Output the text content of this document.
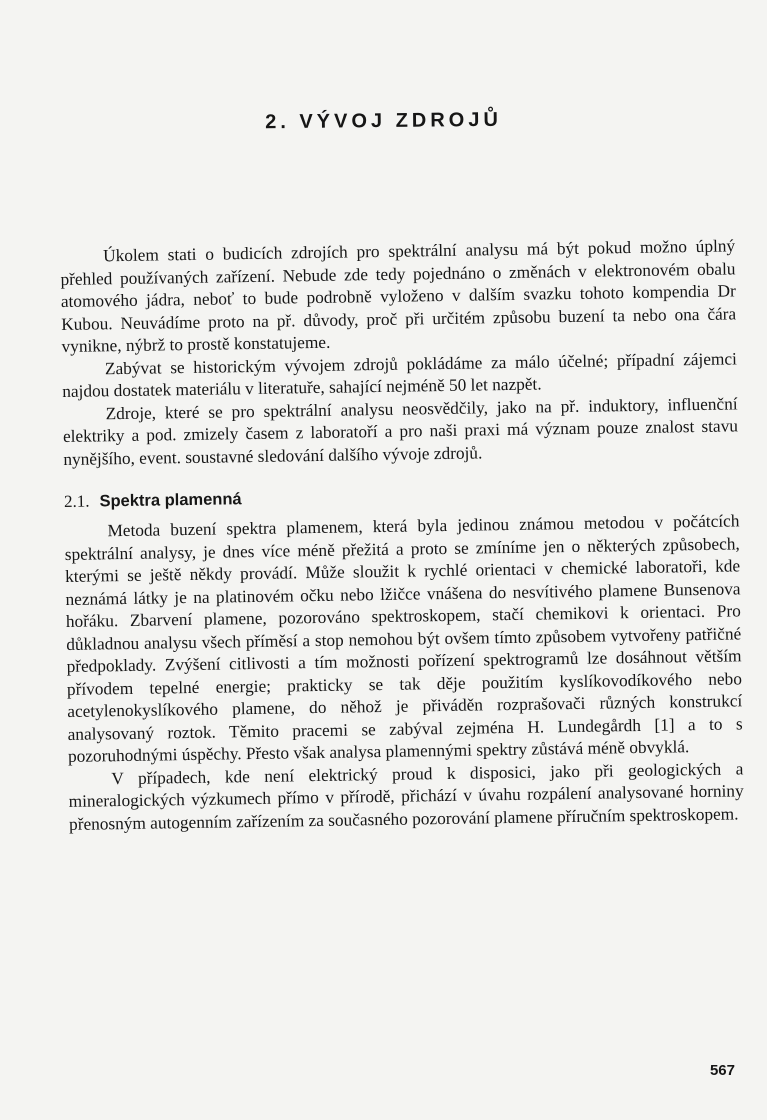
2. VÝVOJ ZDROJŮ

Úkolem stati o budicích zdrojích pro spektrální analysu má být pokud možno úplný přehled používaných zařízení. Nebude zde tedy pojednáno o změnách v elektronovém obalu atomového jádra, neboť to bude podrobně vyloženo v dalším svazku tohoto kompendia Dr Kubou. Neuvádíme proto na př. důvody, proč při určitém způsobu buzení ta nebo ona čára vynikne, nýbrž to prostě konstatujeme.

Zabývat se historickým vývojem zdrojů pokládáme za málo účelné; případní zájemci najdou dostatek materiálu v literatuře, sahající nejméně 50 let nazpět.

Zdroje, které se pro spektrální analysu neosvědčily, jako na př. induktory, influenční elektriky a pod. zmizely časem z laboratoří a pro naši praxi má význam pouze znalost stavu nynějšího, event. soustavné sledování dalšího vývoje zdrojů.

2.1. Spektra plamenná

Metoda buzení spektra plamenem, která byla jedinou známou metodou v počátcích spektrální analysy, je dnes více méně přežitá a proto se zmíníme jen o některých způsobech, kterými se ještě někdy provádí. Může sloužit k rychlé orientaci v chemické laboratoři, kde neznámá látky je na platinovém očku nebo lžičce vnášena do nesvítivého plamene Bunsenova hořáku. Zbarvení plamene, pozorováno spektroskopem, stačí chemikovi k orientaci. Pro důkladnou analysu všech příměsí a stop nemohou být ovšem tímto způsobem vytvořeny patřičné předpoklady. Zvýšení citlivosti a tím možnosti pořízení spektrogramů lze dosáhnout větším přívodem tepelné energie; prakticky se tak děje použitím kyslíkovodíkového nebo acetylenokyslíkového plamene, do něhož je přiváděn rozprašovači různých konstrukcí analysovaný roztok. Těmito pracemi se zabýval zejména H. Lundegårdh [1] a to s pozoruhodnými úspěchy. Přesto však analysa plamennými spektry zůstává méně obvyklá.

V případech, kde není elektrický proud k disposici, jako při geologických a mineralogických výzkumech přímo v přírodě, přichází v úvahu rozpálení analysované horniny přenosným autogenním zařízením za současného pozorování plamene příručním spektroskopem.

567
